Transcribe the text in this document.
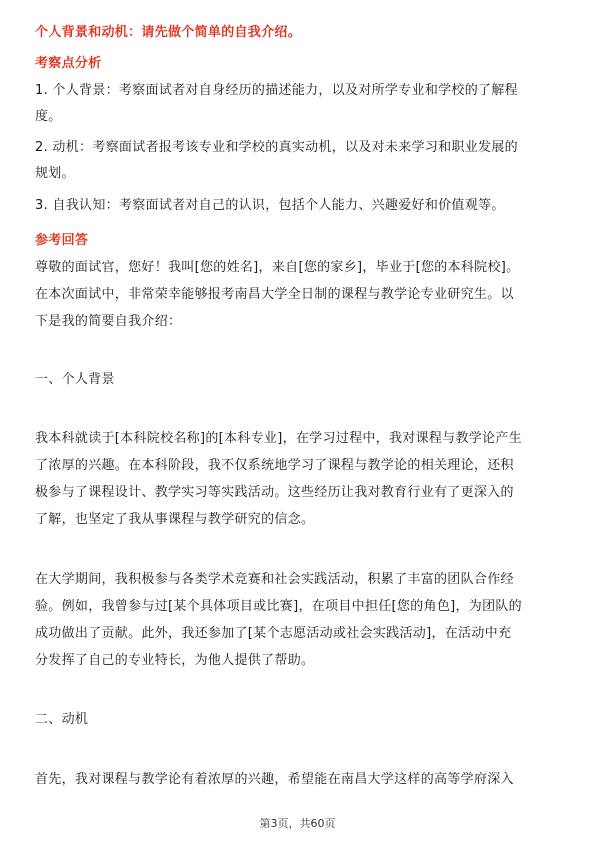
个人背景和动机：请先做个简单的自我介绍。
考察点分析
1. 个人背景：考察面试者对自身经历的描述能力，以及对所学专业和学校的了解程
度。
2. 动机：考察面试者报考该专业和学校的真实动机，以及对未来学习和职业发展的
规划。
3. 自我认知：考察面试者对自己的认识，包括个人能力、兴趣爱好和价值观等。
参考回答
尊敬的面试官，您好！我叫[您的姓名]，来自[您的家乡]，毕业于[您的本科院校]。
在本次面试中，非常荣幸能够报考南昌大学全日制的课程与教学论专业研究生。以
下是我的简要自我介绍：
一、个人背景
我本科就读于[本科院校名称]的[本科专业]，在学习过程中，我对课程与教学论产生
了浓厚的兴趣。在本科阶段，我不仅系统地学习了课程与教学论的相关理论，还积
极参与了课程设计、教学实习等实践活动。这些经历让我对教育行业有了更深入的
了解，也坚定了我从事课程与教学研究的信念。
在大学期间，我积极参与各类学术竞赛和社会实践活动，积累了丰富的团队合作经
验。例如，我曾参与过[某个具体项目或比赛]，在项目中担任[您的角色]，为团队的
成功做出了贡献。此外，我还参加了[某个志愿活动或社会实践活动]，在活动中充
分发挥了自己的专业特长，为他人提供了帮助。
二、动机
首先，我对课程与教学论有着浓厚的兴趣，希望能在南昌大学这样的高等学府深入
第3页，共60页
